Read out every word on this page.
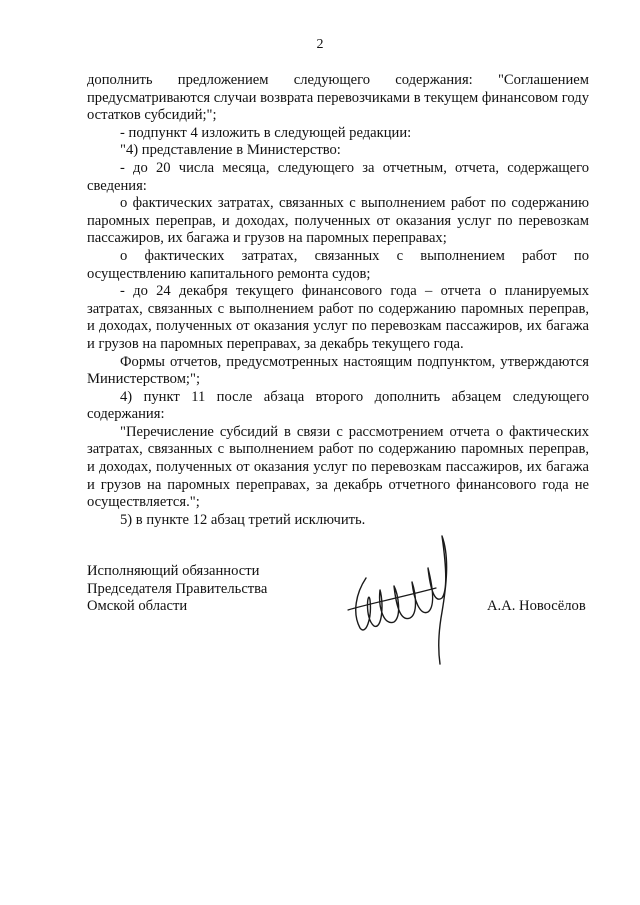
2

дополнить предложением следующего содержания: "Соглашением предусматриваются случаи возврата перевозчиками в текущем финансовом году остатков субсидий;";

- подпункт 4 изложить в следующей редакции:

"4) представление в Министерство:

- до 20 числа месяца, следующего за отчетным, отчета, содержащего сведения:

о фактических затратах, связанных с выполнением работ по содержанию паромных переправ, и доходах, полученных от оказания услуг по перевозкам пассажиров, их багажа и грузов на паромных переправах;

о фактических затратах, связанных с выполнением работ по осуществлению капитального ремонта судов;

- до 24 декабря текущего финансового года – отчета о планируемых затратах, связанных с выполнением работ по содержанию паромных переправ, и доходах, полученных от оказания услуг по перевозкам пассажиров, их багажа и грузов на паромных переправах, за декабрь текущего года.

Формы отчетов, предусмотренных настоящим подпунктом, утверждаются Министерством;";

4) пункт 11 после абзаца второго дополнить абзацем следующего содержания:

"Перечисление субсидий в связи с рассмотрением отчета о фактических затратах, связанных с выполнением работ по содержанию паромных переправ, и доходах, полученных от оказания услуг по перевозкам пассажиров, их багажа и грузов на паромных переправах, за декабрь отчетного финансового года не осуществляется.";

5) в пункте 12 абзац третий исключить.

Исполняющий обязанности
Председателя Правительства
Омской области	А.А. Новосёлов
